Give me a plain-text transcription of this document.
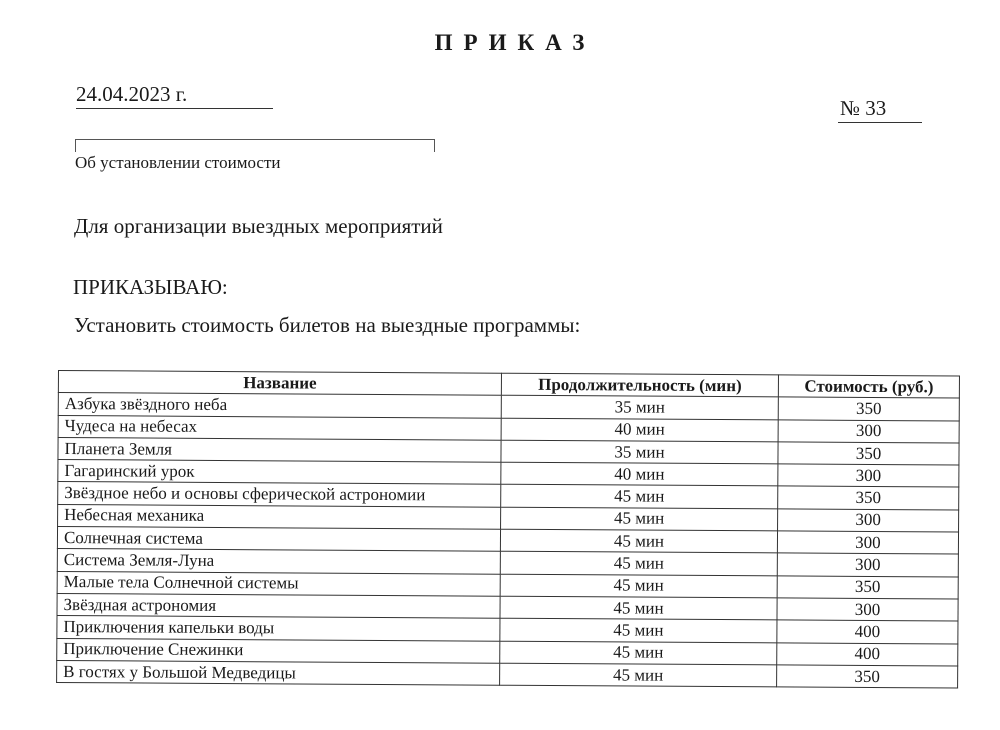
ПРИКАЗ
24.04.2023 г.
№ 33
Об установлении стоимости
Для организации выездных мероприятий
ПРИКАЗЫВАЮ:
Установить стоимость билетов на выездные программы:
Название	Продолжительность (мин)	Стоимость (руб.)
Азбука звёздного неба	35 мин	350
Чудеса на небесах	40 мин	300
Планета Земля	35 мин	350
Гагаринский урок	40 мин	300
Звёздное небо и основы сферической астрономии	45 мин	350
Небесная механика	45 мин	300
Солнечная система	45 мин	300
Система Земля-Луна	45 мин	300
Малые тела Солнечной системы	45 мин	350
Звёздная астрономия	45 мин	300
Приключения капельки воды	45 мин	400
Приключение Снежинки	45 мин	400
В гостях у Большой Медведицы	45 мин	350
